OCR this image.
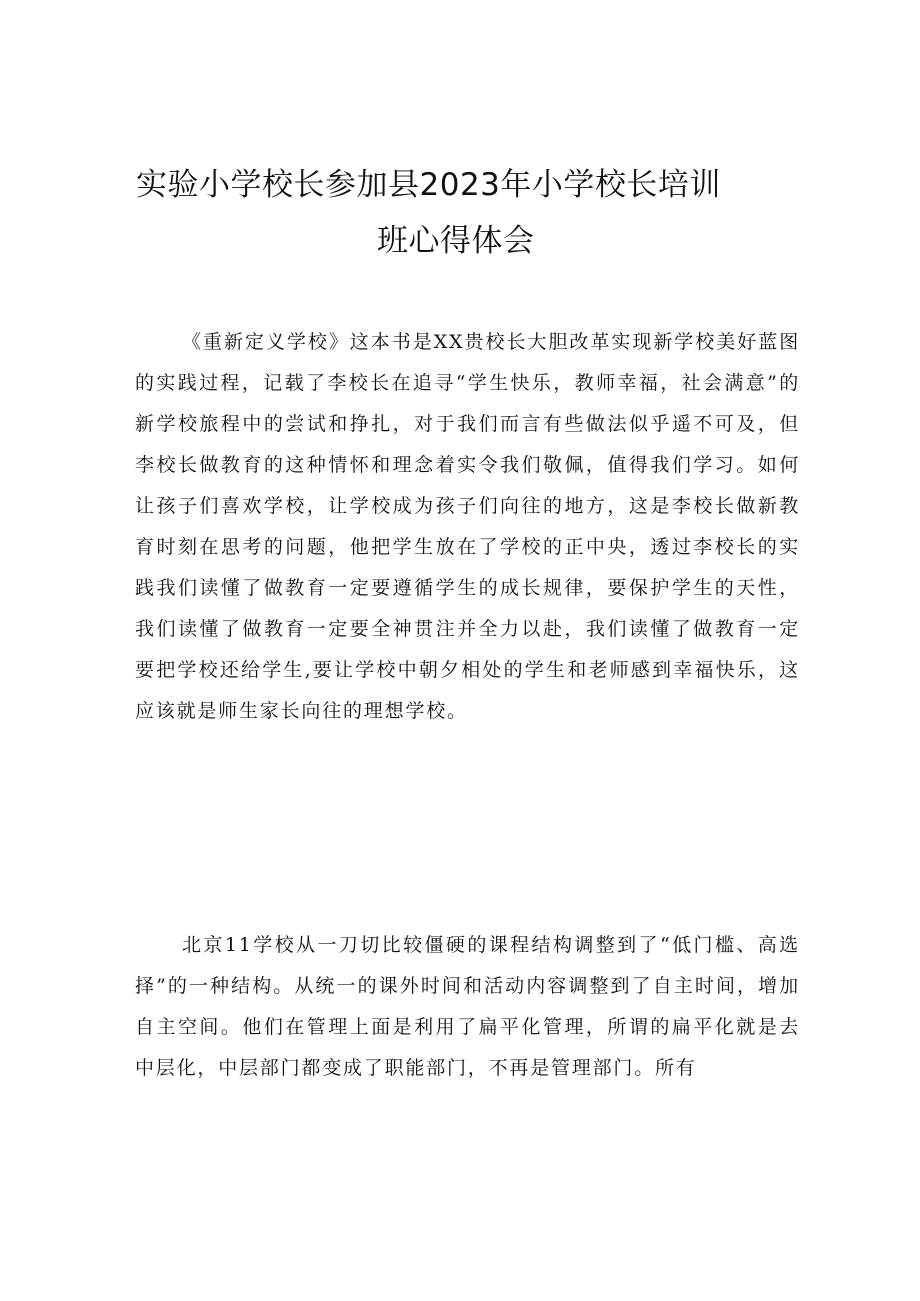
实验小学校长参加县2023年小学校长培训
班心得体会

《重新定义学校》这本书是XX贵校长大胆改革实现新学校美好蓝图的实践过程，记载了李校长在追寻“学生快乐，教师幸福，社会满意”的新学校旅程中的尝试和挣扎，对于我们而言有些做法似乎遥不可及，但李校长做教育的这种情怀和理念着实令我们敬佩，值得我们学习。如何让孩子们喜欢学校，让学校成为孩子们向往的地方，这是李校长做新教育时刻在思考的问题，他把学生放在了学校的正中央，透过李校长的实践我们读懂了做教育一定要遵循学生的成长规律，要保护学生的天性，我们读懂了做教育一定要全神贯注并全力以赴，我们读懂了做教育一定要把学校还给学生,要让学校中朝夕相处的学生和老师感到幸福快乐，这应该就是师生家长向往的理想学校。

北京11学校从一刀切比较僵硬的课程结构调整到了“低门槛、高选择”的一种结构。从统一的课外时间和活动内容调整到了自主时间，增加自主空间。他们在管理上面是利用了扁平化管理，所谓的扁平化就是去中层化，中层部门都变成了职能部门，不再是管理部门。所有
